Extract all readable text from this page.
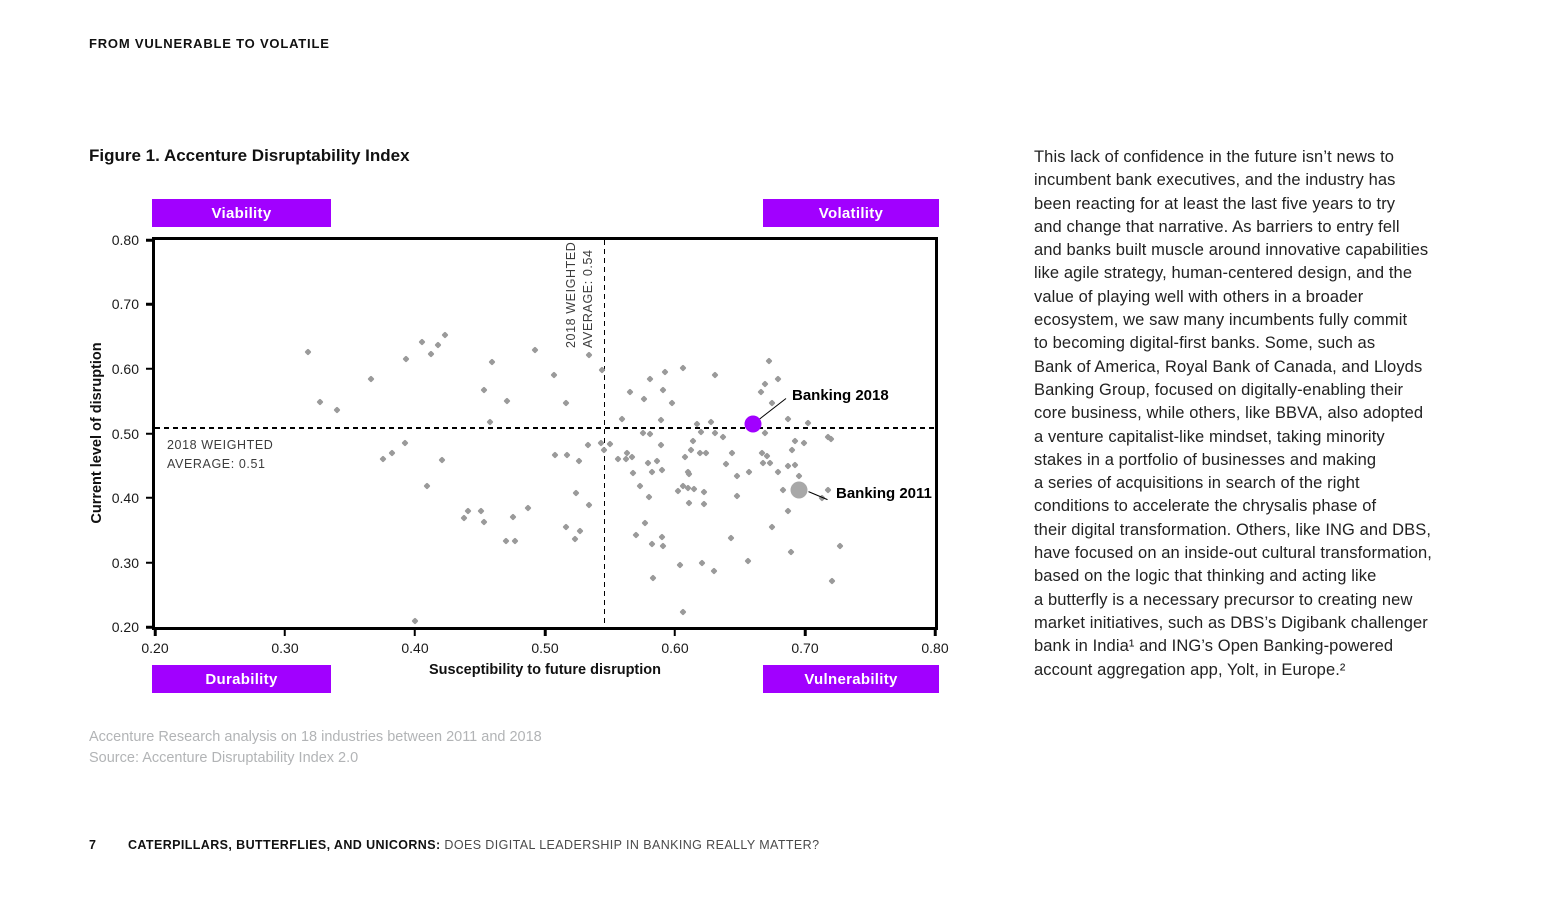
FROM VULNERABLE TO VOLATILE
Figure 1. Accenture Disruptability Index
Viability	Volatility
Durability	Vulnerability
2018 WEIGHTED AVERAGE: 0.54
2018 WEIGHTED
AVERAGE: 0.51
Banking 2018
Banking 2011
0.20	0.30	0.40	0.50	0.60	0.70	0.80
0.20
0.30
0.40
0.50
0.60
0.70
0.80
Current level of disruption
Susceptibility to future disruption
Accenture Research analysis on 18 industries between 2011 and 2018
Source: Accenture Disruptability Index 2.0
This lack of confidence in the future isn’t news to
incumbent bank executives, and the industry has
been reacting for at least the last five years to try
and change that narrative. As barriers to entry fell
and banks built muscle around innovative capabilities
like agile strategy, human-centered design, and the
value of playing well with others in a broader
ecosystem, we saw many incumbents fully commit
to becoming digital-first banks. Some, such as
Bank of America, Royal Bank of Canada, and Lloyds
Banking Group, focused on digitally-enabling their
core business, while others, like BBVA, also adopted
a venture capitalist-like mindset, taking minority
stakes in a portfolio of businesses and making
a series of acquisitions in search of the right
conditions to accelerate the chrysalis phase of
their digital transformation. Others, like ING and DBS,
have focused on an inside-out cultural transformation,
based on the logic that thinking and acting like
a butterfly is a necessary precursor to creating new
market initiatives, such as DBS’s Digibank challenger
bank in India¹ and ING’s Open Banking-powered
account aggregation app, Yolt, in Europe.²
7	CATERPILLARS, BUTTERFLIES, AND UNICORNS: DOES DIGITAL LEADERSHIP IN BANKING REALLY MATTER?
